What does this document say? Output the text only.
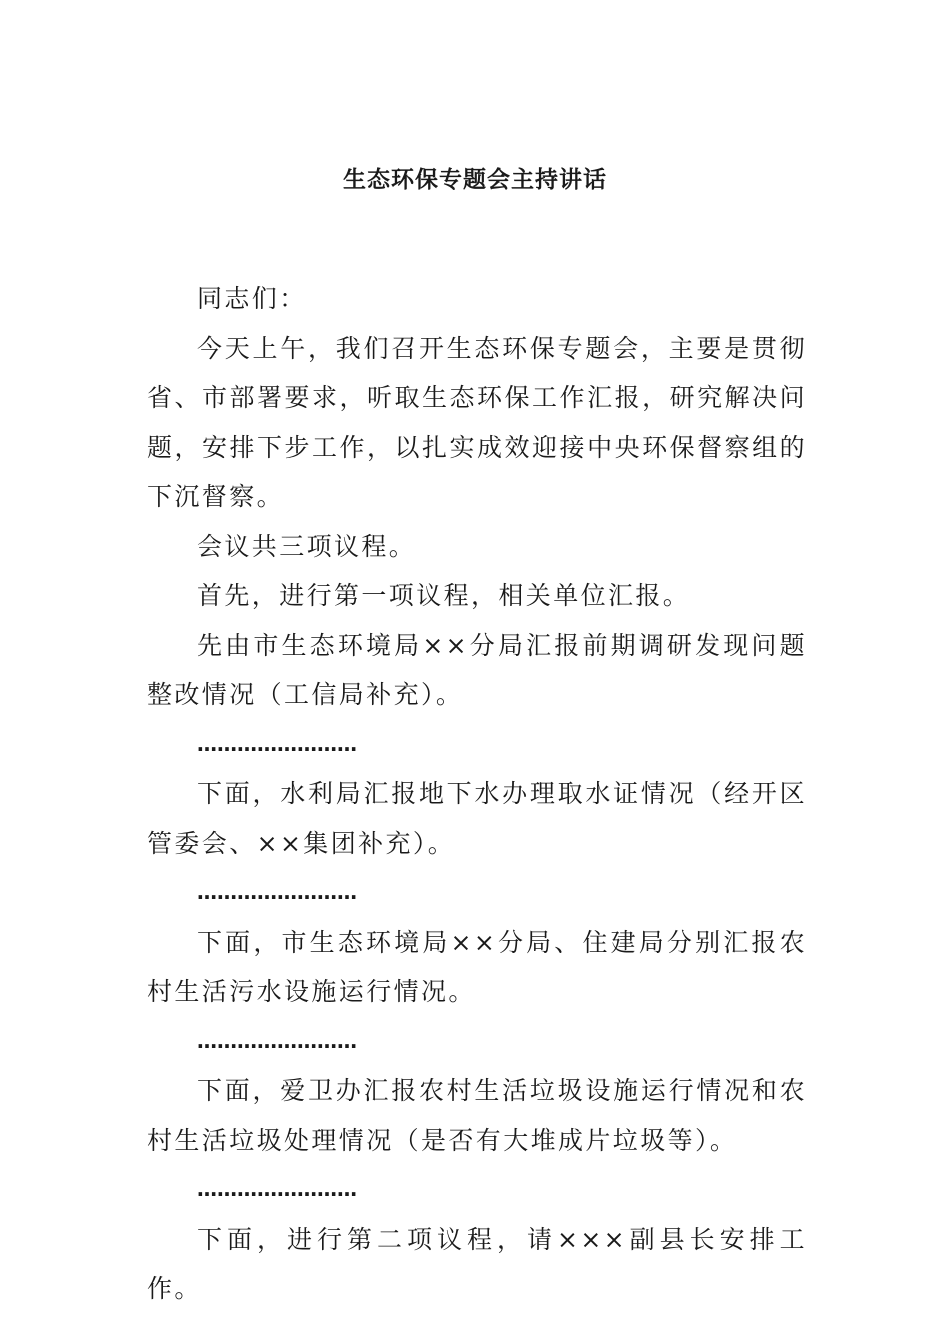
生态环保专题会主持讲话

同志们：

今天上午，我们召开生态环保专题会，主要是贯彻省、市部署要求，听取生态环保工作汇报，研究解决问题，安排下步工作，以扎实成效迎接中央环保督察组的下沉督察。

会议共三项议程。

首先，进行第一项议程，相关单位汇报。

先由市生态环境局××分局汇报前期调研发现问题整改情况（工信局补充）。

……………………

下面，水利局汇报地下水办理取水证情况（经开区管委会、××集团补充）。

……………………

下面，市生态环境局××分局、住建局分别汇报农村生活污水设施运行情况。

……………………

下面，爱卫办汇报农村生活垃圾设施运行情况和农村生活垃圾处理情况（是否有大堆成片垃圾等）。

……………………

下面，进行第二项议程，请×××副县长安排工作。
